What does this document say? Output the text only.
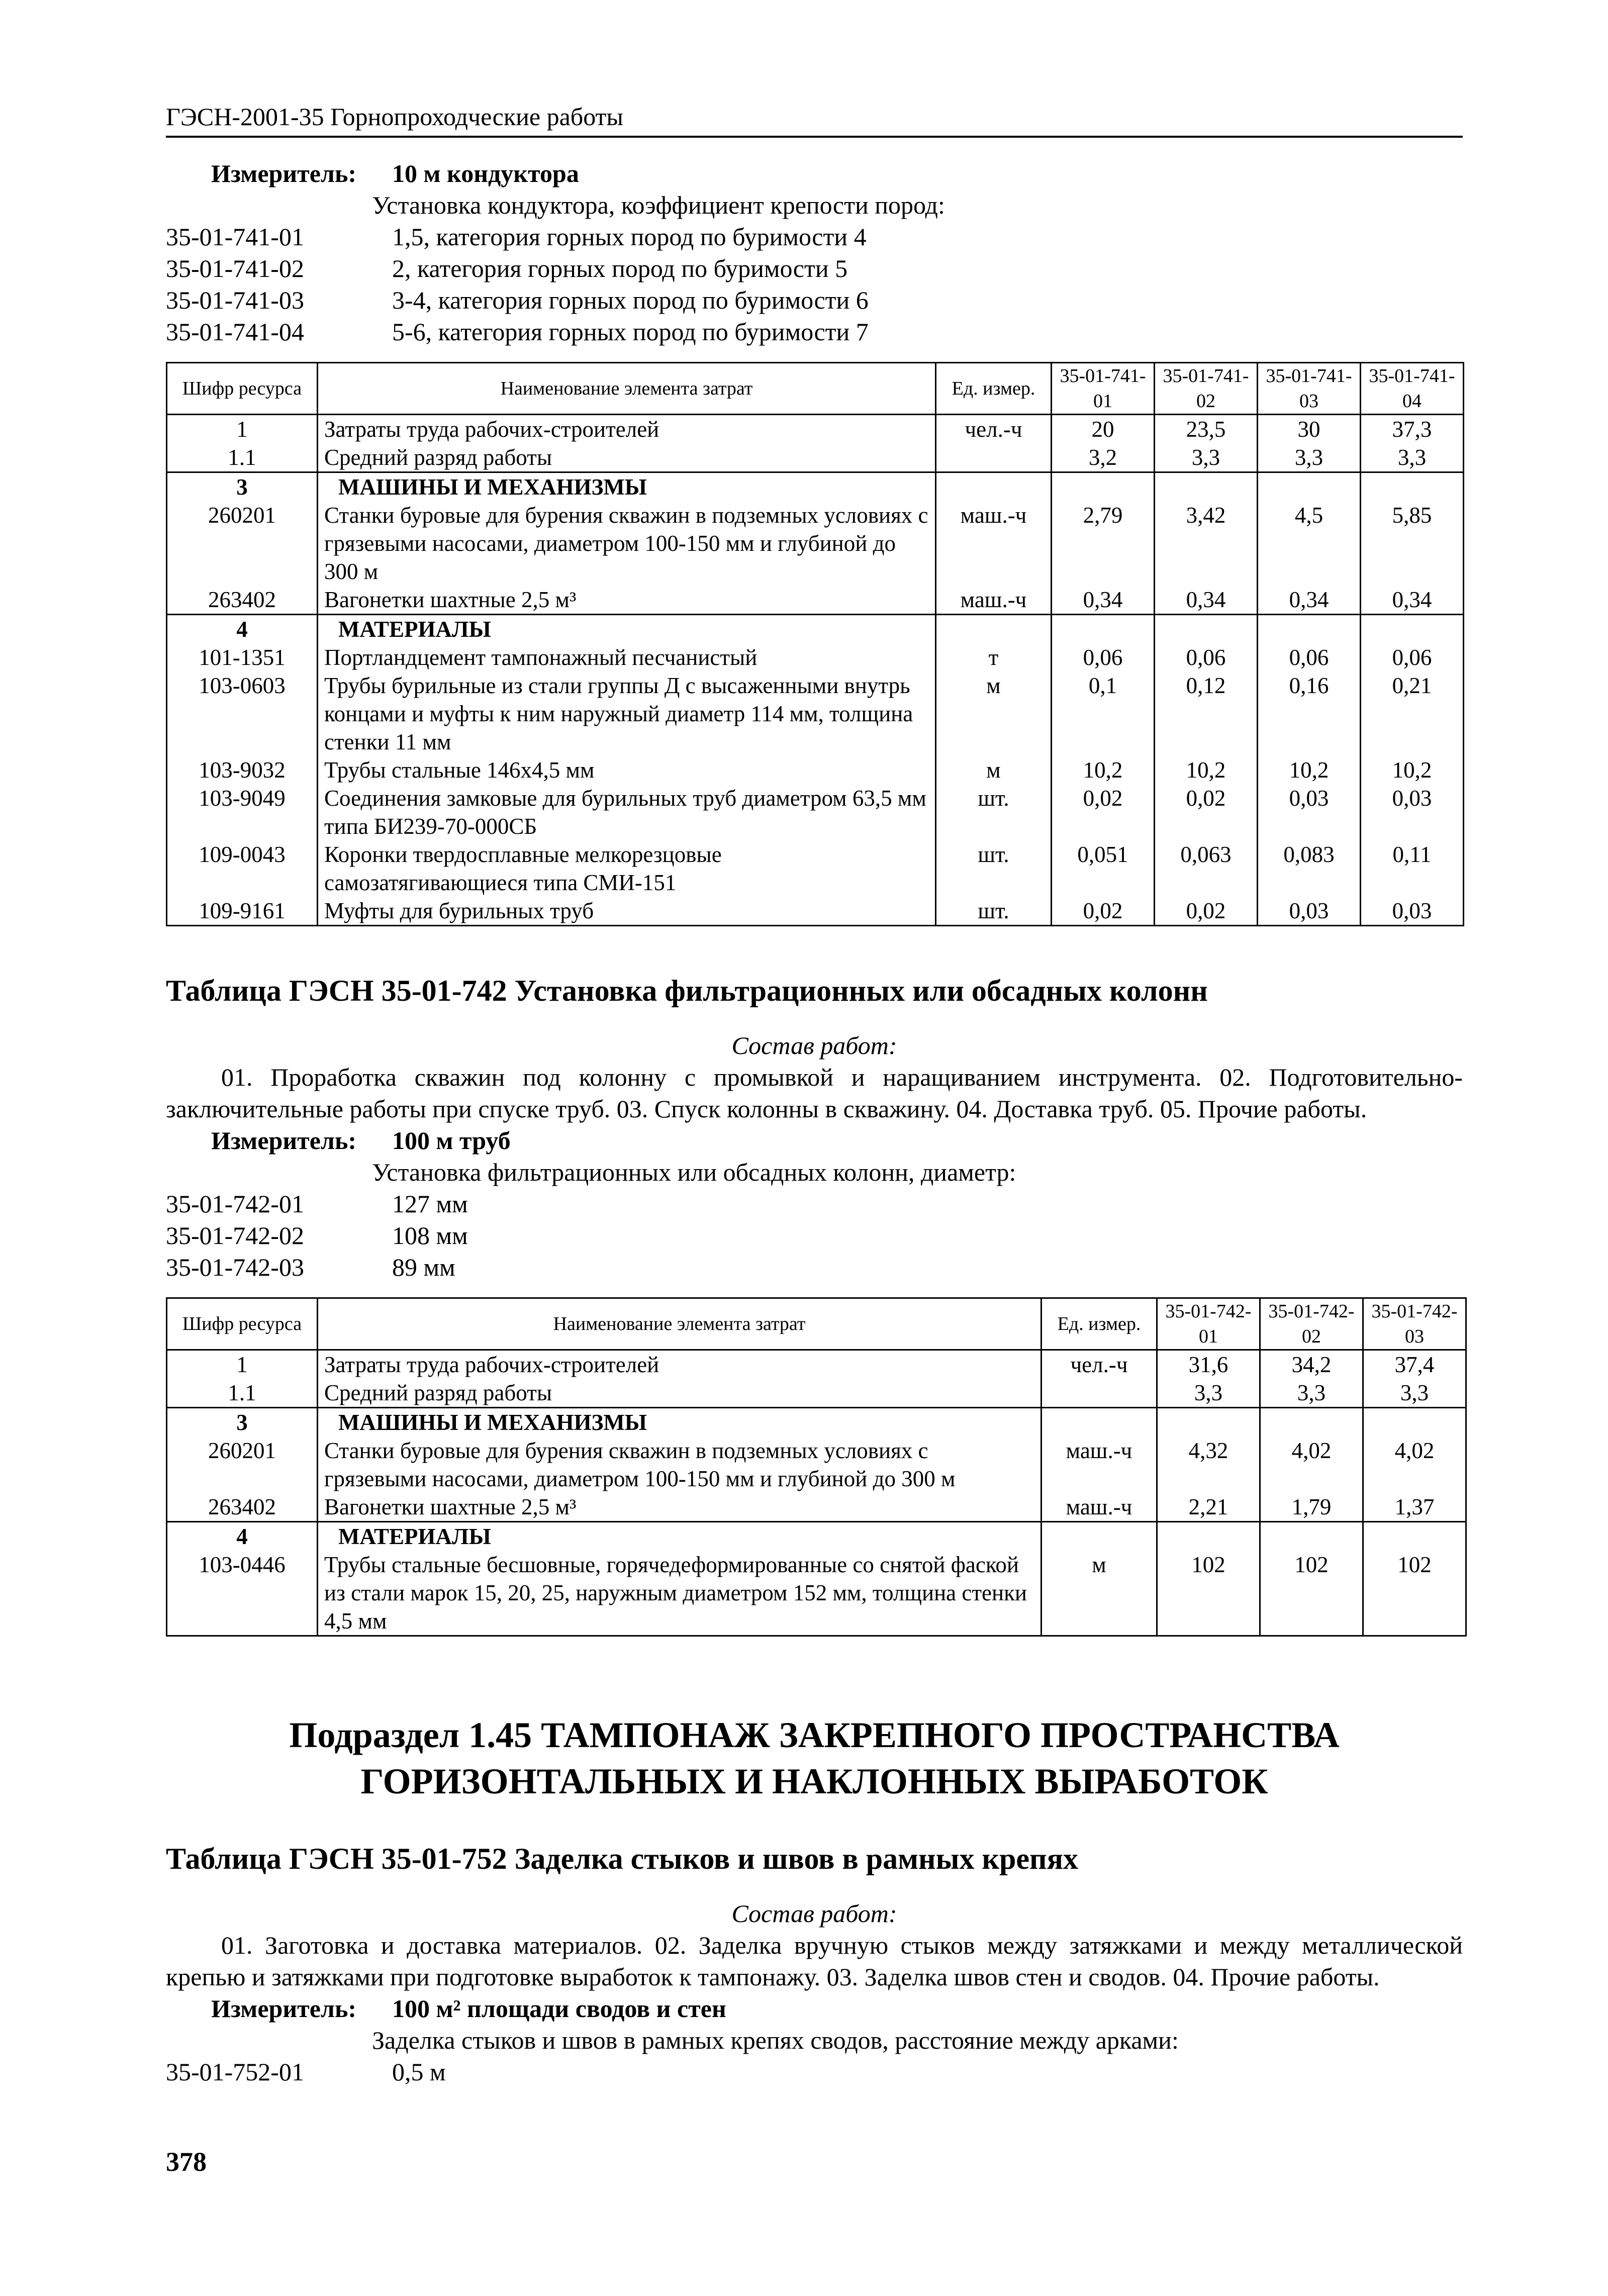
ГЭСН-2001-35 Горнопроходческие работы
Измеритель: 10 м кондуктора
Установка кондуктора, коэффициент крепости пород:
35-01-741-01	1,5, категория горных пород по буримости 4
35-01-741-02	2, категория горных пород по буримости 5
35-01-741-03	3-4, категория горных пород по буримости 6
35-01-741-04	5-6, категория горных пород по буримости 7
Шифр ресурса	Наименование элемента затрат	Ед. измер.	35-01-741-01	35-01-741-02	35-01-741-03	35-01-741-04
1	Затраты труда рабочих-строителей	чел.-ч	20	23,5	30	37,3
1.1	Средний разряд работы		3,2	3,3	3,3	3,3
3	МАШИНЫ И МЕХАНИЗМЫ					
260201	Станки буровые для бурения скважин в подземных условиях с грязевыми насосами, диаметром 100-150 мм и глубиной до 300 м	маш.-ч	2,79	3,42	4,5	5,85
263402	Вагонетки шахтные 2,5 м³	маш.-ч	0,34	0,34	0,34	0,34
4	МАТЕРИАЛЫ					
101-1351	Портландцемент тампонажный песчанистый	т	0,06	0,06	0,06	0,06
103-0603	Трубы бурильные из стали группы Д с высаженными внутрь концами и муфты к ним наружный диаметр 114 мм, толщина стенки 11 мм	м	0,1	0,12	0,16	0,21
103-9032	Трубы стальные 146х4,5 мм	м	10,2	10,2	10,2	10,2
103-9049	Соединения замковые для бурильных труб диаметром 63,5 мм типа БИ239-70-000СБ	шт.	0,02	0,02	0,03	0,03
109-0043	Коронки твердосплавные мелкорезцовые самозатягивающиеся типа СМИ-151	шт.	0,051	0,063	0,083	0,11
109-9161	Муфты для бурильных труб	шт.	0,02	0,02	0,03	0,03
Таблица ГЭСН 35-01-742 Установка фильтрационных или обсадных колонн
Состав работ:
01. Проработка скважин под колонну с промывкой и наращиванием инструмента. 02. Подготовительно-заключительные работы при спуске труб. 03. Спуск колонны в скважину. 04. Доставка труб. 05. Прочие работы.
Измеритель: 100 м труб
Установка фильтрационных или обсадных колонн, диаметр:
35-01-742-01	127 мм
35-01-742-02	108 мм
35-01-742-03	89 мм
Шифр ресурса	Наименование элемента затрат	Ед. измер.	35-01-742-01	35-01-742-02	35-01-742-03
1	Затраты труда рабочих-строителей	чел.-ч	31,6	34,2	37,4
1.1	Средний разряд работы		3,3	3,3	3,3
3	МАШИНЫ И МЕХАНИЗМЫ				
260201	Станки буровые для бурения скважин в подземных условиях с грязевыми насосами, диаметром 100-150 мм и глубиной до 300 м	маш.-ч	4,32	4,02	4,02
263402	Вагонетки шахтные 2,5 м³	маш.-ч	2,21	1,79	1,37
4	МАТЕРИАЛЫ				
103-0446	Трубы стальные бесшовные, горячедеформированные со снятой фаской из стали марок 15, 20, 25, наружным диаметром 152 мм, толщина стенки 4,5 мм	м	102	102	102
Подраздел 1.45 ТАМПОНАЖ ЗАКРЕПНОГО ПРОСТРАНСТВА
ГОРИЗОНТАЛЬНЫХ И НАКЛОННЫХ ВЫРАБОТОК
Таблица ГЭСН 35-01-752 Заделка стыков и швов в рамных крепях
Состав работ:
01. Заготовка и доставка материалов. 02. Заделка вручную стыков между затяжками и между металлической крепью и затяжками при подготовке выработок к тампонажу. 03. Заделка швов стен и сводов. 04. Прочие работы.
Измеритель: 100 м² площади сводов и стен
Заделка стыков и швов в рамных крепях сводов, расстояние между арками:
35-01-752-01	0,5 м
378
